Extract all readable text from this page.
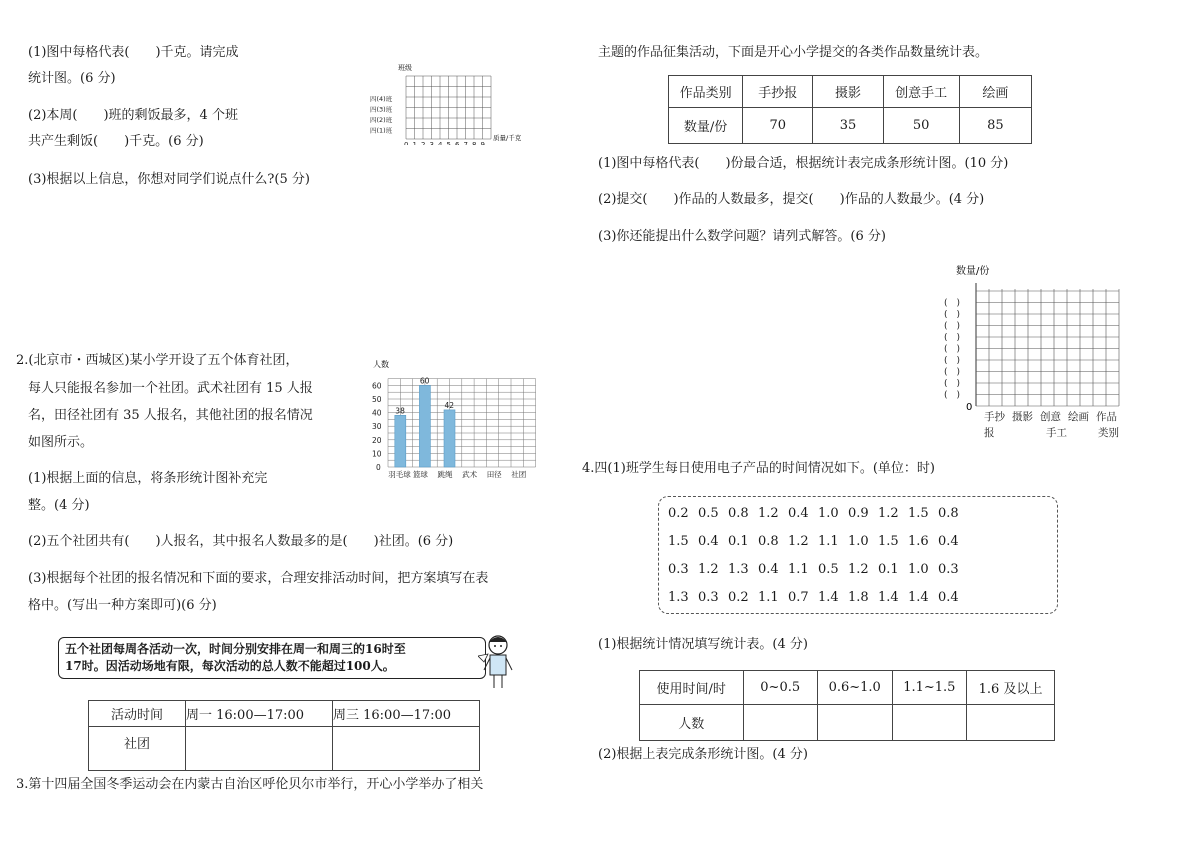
(1)图中每格代表(　　)千克。请完成
统计图。(6 分)
(2)本周(　　)班的剩饭最多，4 个班
共产生剩饭(　　)千克。(6 分)
(3)根据以上信息，你想对同学们说点什么?(5 分)
班级
四(4)班
四(3)班
四(2)班
四(1)班
0 1 2 3 4 5 6 7 8 9
质量/千克
2.(北京市・西城区)某小学开设了五个体育社团，
每人只能报名参加一个社团。武术社团有 15 人报
名，田径社团有 35 人报名，其他社团的报名情况
如图所示。
(1)根据上面的信息，将条形统计图补充完
整。(4 分)
(2)五个社团共有(　　)人报名，其中报名人数最多的是(　　)社团。(6 分)
(3)根据每个社团的报名情况和下面的要求，合理安排活动时间，把方案填写在表
格中。(写出一种方案即可)(6 分)
人数
0
10
20
30
40
50
60
羽毛球
38
篮球
60
跳绳
42
武术 田径 社团
五个社团每周各活动一次，时间分别安排在周一和周三的16时至
17时。因活动场地有限，每次活动的总人数不能超过100人。
活动时间	周一 16:00—17:00	周三 16:00—17:00
社团		
3.第十四届全国冬季运动会在内蒙古自治区呼伦贝尔市举行，开心小学举办了相关
主题的作品征集活动，下面是开心小学提交的各类作品数量统计表。
作品类别	手抄报	摄影	创意手工	绘画
数量/份	70	35	50	85
(1)图中每格代表(　　)份最合适，根据统计表完成条形统计图。(10 分)
(2)提交(　　)作品的人数最多，提交(　　)作品的人数最少。(4 分)
(3)你还能提出什么数学问题？请列式解答。(6 分)
数量/份
(　)
(　)
(　)
(　)
(　)
(　)
(　)
(　)
(　)
0
手抄 摄影 创意 绘画 作品
报	手工	类别
4.四(1)班学生每日使用电子产品的时间情况如下。(单位：时)
0.2 0.5 0.8 1.2 0.4 1.0 0.9 1.2 1.5 0.8
1.5 0.4 0.1 0.8 1.2 1.1 1.0 1.5 1.6 0.4
0.3 1.2 1.3 0.4 1.1 0.5 1.2 0.1 1.0 0.3
1.3 0.3 0.2 1.1 0.7 1.4 1.8 1.4 1.4 0.4
(1)根据统计情况填写统计表。(4 分)
使用时间/时	0~0.5	0.6~1.0	1.1~1.5	1.6 及以上
人数				
(2)根据上表完成条形统计图。(4 分)
